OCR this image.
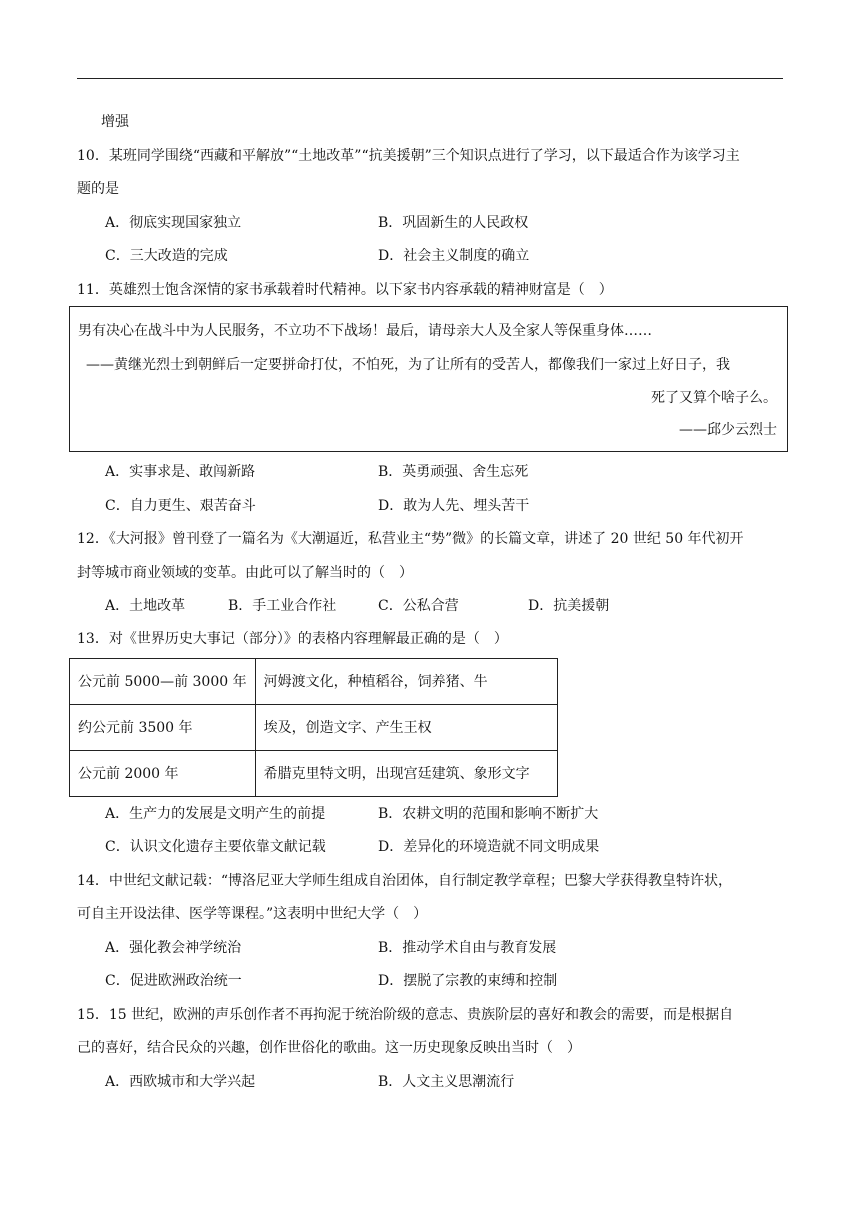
增强
10．某班同学围绕“西藏和平解放”“土地改革”“抗美援朝”三个知识点进行了学习，以下最适合作为该学习主
题的是
A．彻底实现国家独立	B．巩固新生的人民政权
C．三大改造的完成	D．社会主义制度的确立
11．英雄烈士饱含深情的家书承载着时代精神。以下家书内容承载的精神财富是（　）
男有决心在战斗中为人民服务，不立功不下战场！最后，请母亲大人及全家人等保重身体……
——黄继光烈士到朝鲜后一定要拼命打仗，不怕死，为了让所有的受苦人，都像我们一家过上好日子，我
死了又算个啥子么。
——邱少云烈士
A．实事求是、敢闯新路	B．英勇顽强、舍生忘死
C．自力更生、艰苦奋斗	D．敢为人先、埋头苦干
12．《大河报》曾刊登了一篇名为《大潮逼近，私营业主“势”微》的长篇文章，讲述了 20 世纪 50 年代初开
封等城市商业领域的变革。由此可以了解当时的（　）
A．土地改革	B．手工业合作社	C．公私合营	D．抗美援朝
13．对《世界历史大事记（部分）》的表格内容理解最正确的是（　）
公元前 5000—前 3000 年	河姆渡文化，种植稻谷，饲养猪、牛
约公元前 3500 年	埃及，创造文字、产生王权
公元前 2000 年	希腊克里特文明，出现宫廷建筑、象形文字
A．生产力的发展是文明产生的前提	B．农耕文明的范围和影响不断扩大
C．认识文化遗存主要依靠文献记载	D．差异化的环境造就不同文明成果
14．中世纪文献记载：“博洛尼亚大学师生组成自治团体，自行制定教学章程；巴黎大学获得教皇特许状，
可自主开设法律、医学等课程。”这表明中世纪大学（　）
A．强化教会神学统治	B．推动学术自由与教育发展
C．促进欧洲政治统一	D．摆脱了宗教的束缚和控制
15．15 世纪，欧洲的声乐创作者不再拘泥于统治阶级的意志、贵族阶层的喜好和教会的需要，而是根据自
己的喜好，结合民众的兴趣，创作世俗化的歌曲。这一历史现象反映出当时（　）
A．西欧城市和大学兴起	B．人文主义思潮流行
